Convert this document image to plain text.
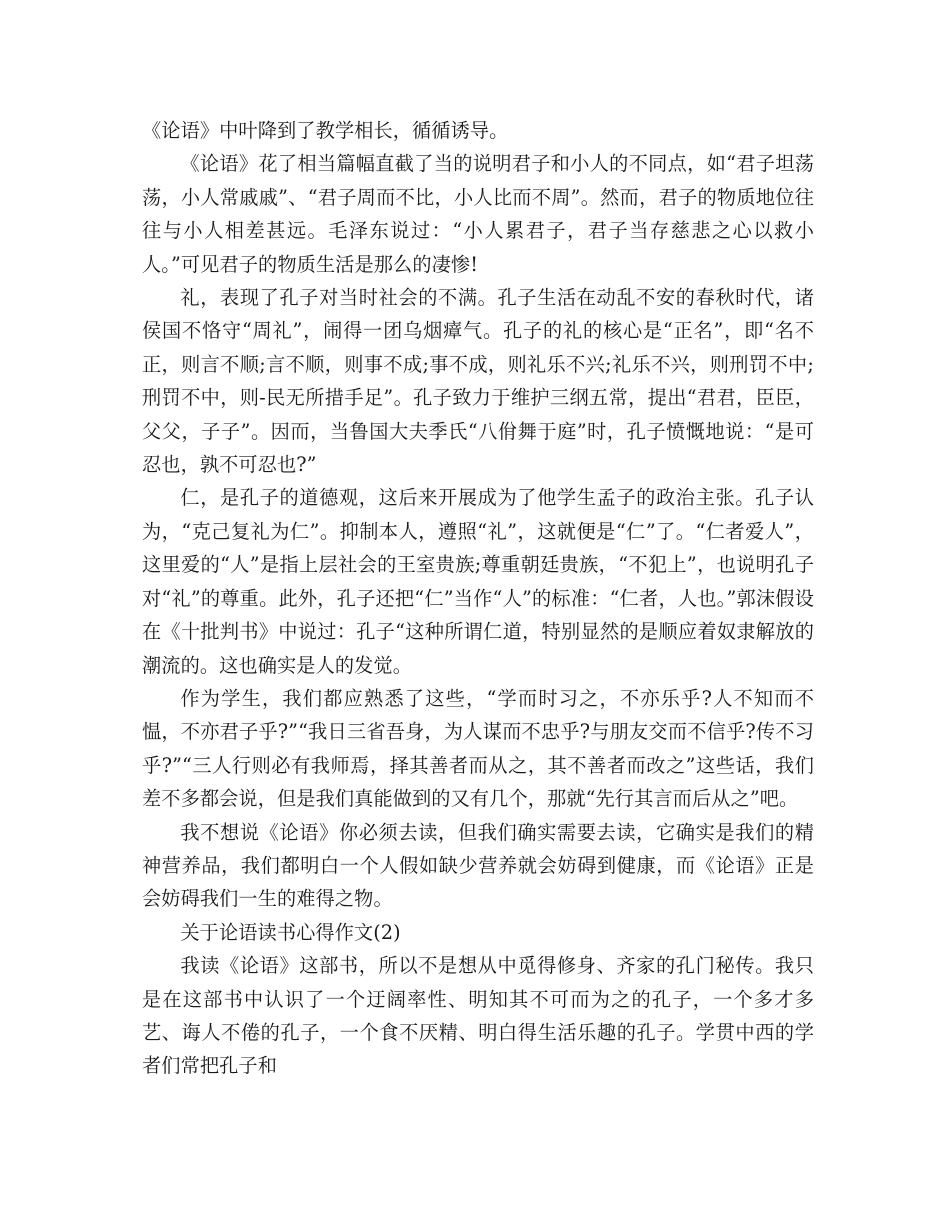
《论语》中叶降到了教学相长，循循诱导。

《论语》花了相当篇幅直截了当的说明君子和小人的不同点，如“君子坦荡荡，小人常戚戚”、“君子周而不比，小人比而不周”。然而，君子的物质地位往往与小人相差甚远。毛泽东说过：“小人累君子，君子当存慈悲之心以救小人。”可见君子的物质生活是那么的凄惨!

礼，表现了孔子对当时社会的不满。孔子生活在动乱不安的春秋时代，诸侯国不恪守“周礼”，闹得一团乌烟瘴气。孔子的礼的核心是“正名”，即“名不正，则言不顺;言不顺，则事不成;事不成，则礼乐不兴;礼乐不兴，则刑罚不中;刑罚不中，则-民无所措手足”。孔子致力于维护三纲五常，提出“君君，臣臣，父父，子子”。因而，当鲁国大夫季氏“八佾舞于庭”时，孔子愤慨地说：“是可忍也，孰不可忍也?”

仁，是孔子的道德观，这后来开展成为了他学生孟子的政治主张。孔子认为，“克己复礼为仁”。抑制本人，遵照“礼”，这就便是“仁”了。“仁者爱人”，这里爱的“人”是指上层社会的王室贵族;尊重朝廷贵族，“不犯上”，也说明孔子对“礼”的尊重。此外，孔子还把“仁”当作“人”的标准：“仁者，人也。”郭沫假设在《十批判书》中说过：孔子“这种所谓仁道，特别显然的是顺应着奴隶解放的潮流的。这也确实是人的发觉。

作为学生，我们都应熟悉了这些，“学而时习之，不亦乐乎?人不知而不愠，不亦君子乎?”“我日三省吾身，为人谋而不忠乎?与朋友交而不信乎?传不习乎?”“三人行则必有我师焉，择其善者而从之，其不善者而改之”这些话，我们差不多都会说，但是我们真能做到的又有几个，那就“先行其言而后从之”吧。

我不想说《论语》你必须去读，但我们确实需要去读，它确实是我们的精神营养品，我们都明白一个人假如缺少营养就会妨碍到健康，而《论语》正是会妨碍我们一生的难得之物。

关于论语读书心得作文(2)

我读《论语》这部书，所以不是想从中觅得修身、齐家的孔门秘传。我只是在这部书中认识了一个迂阔率性、明知其不可而为之的孔子，一个多才多艺、诲人不倦的孔子，一个食不厌精、明白得生活乐趣的孔子。学贯中西的学者们常把孔子和
